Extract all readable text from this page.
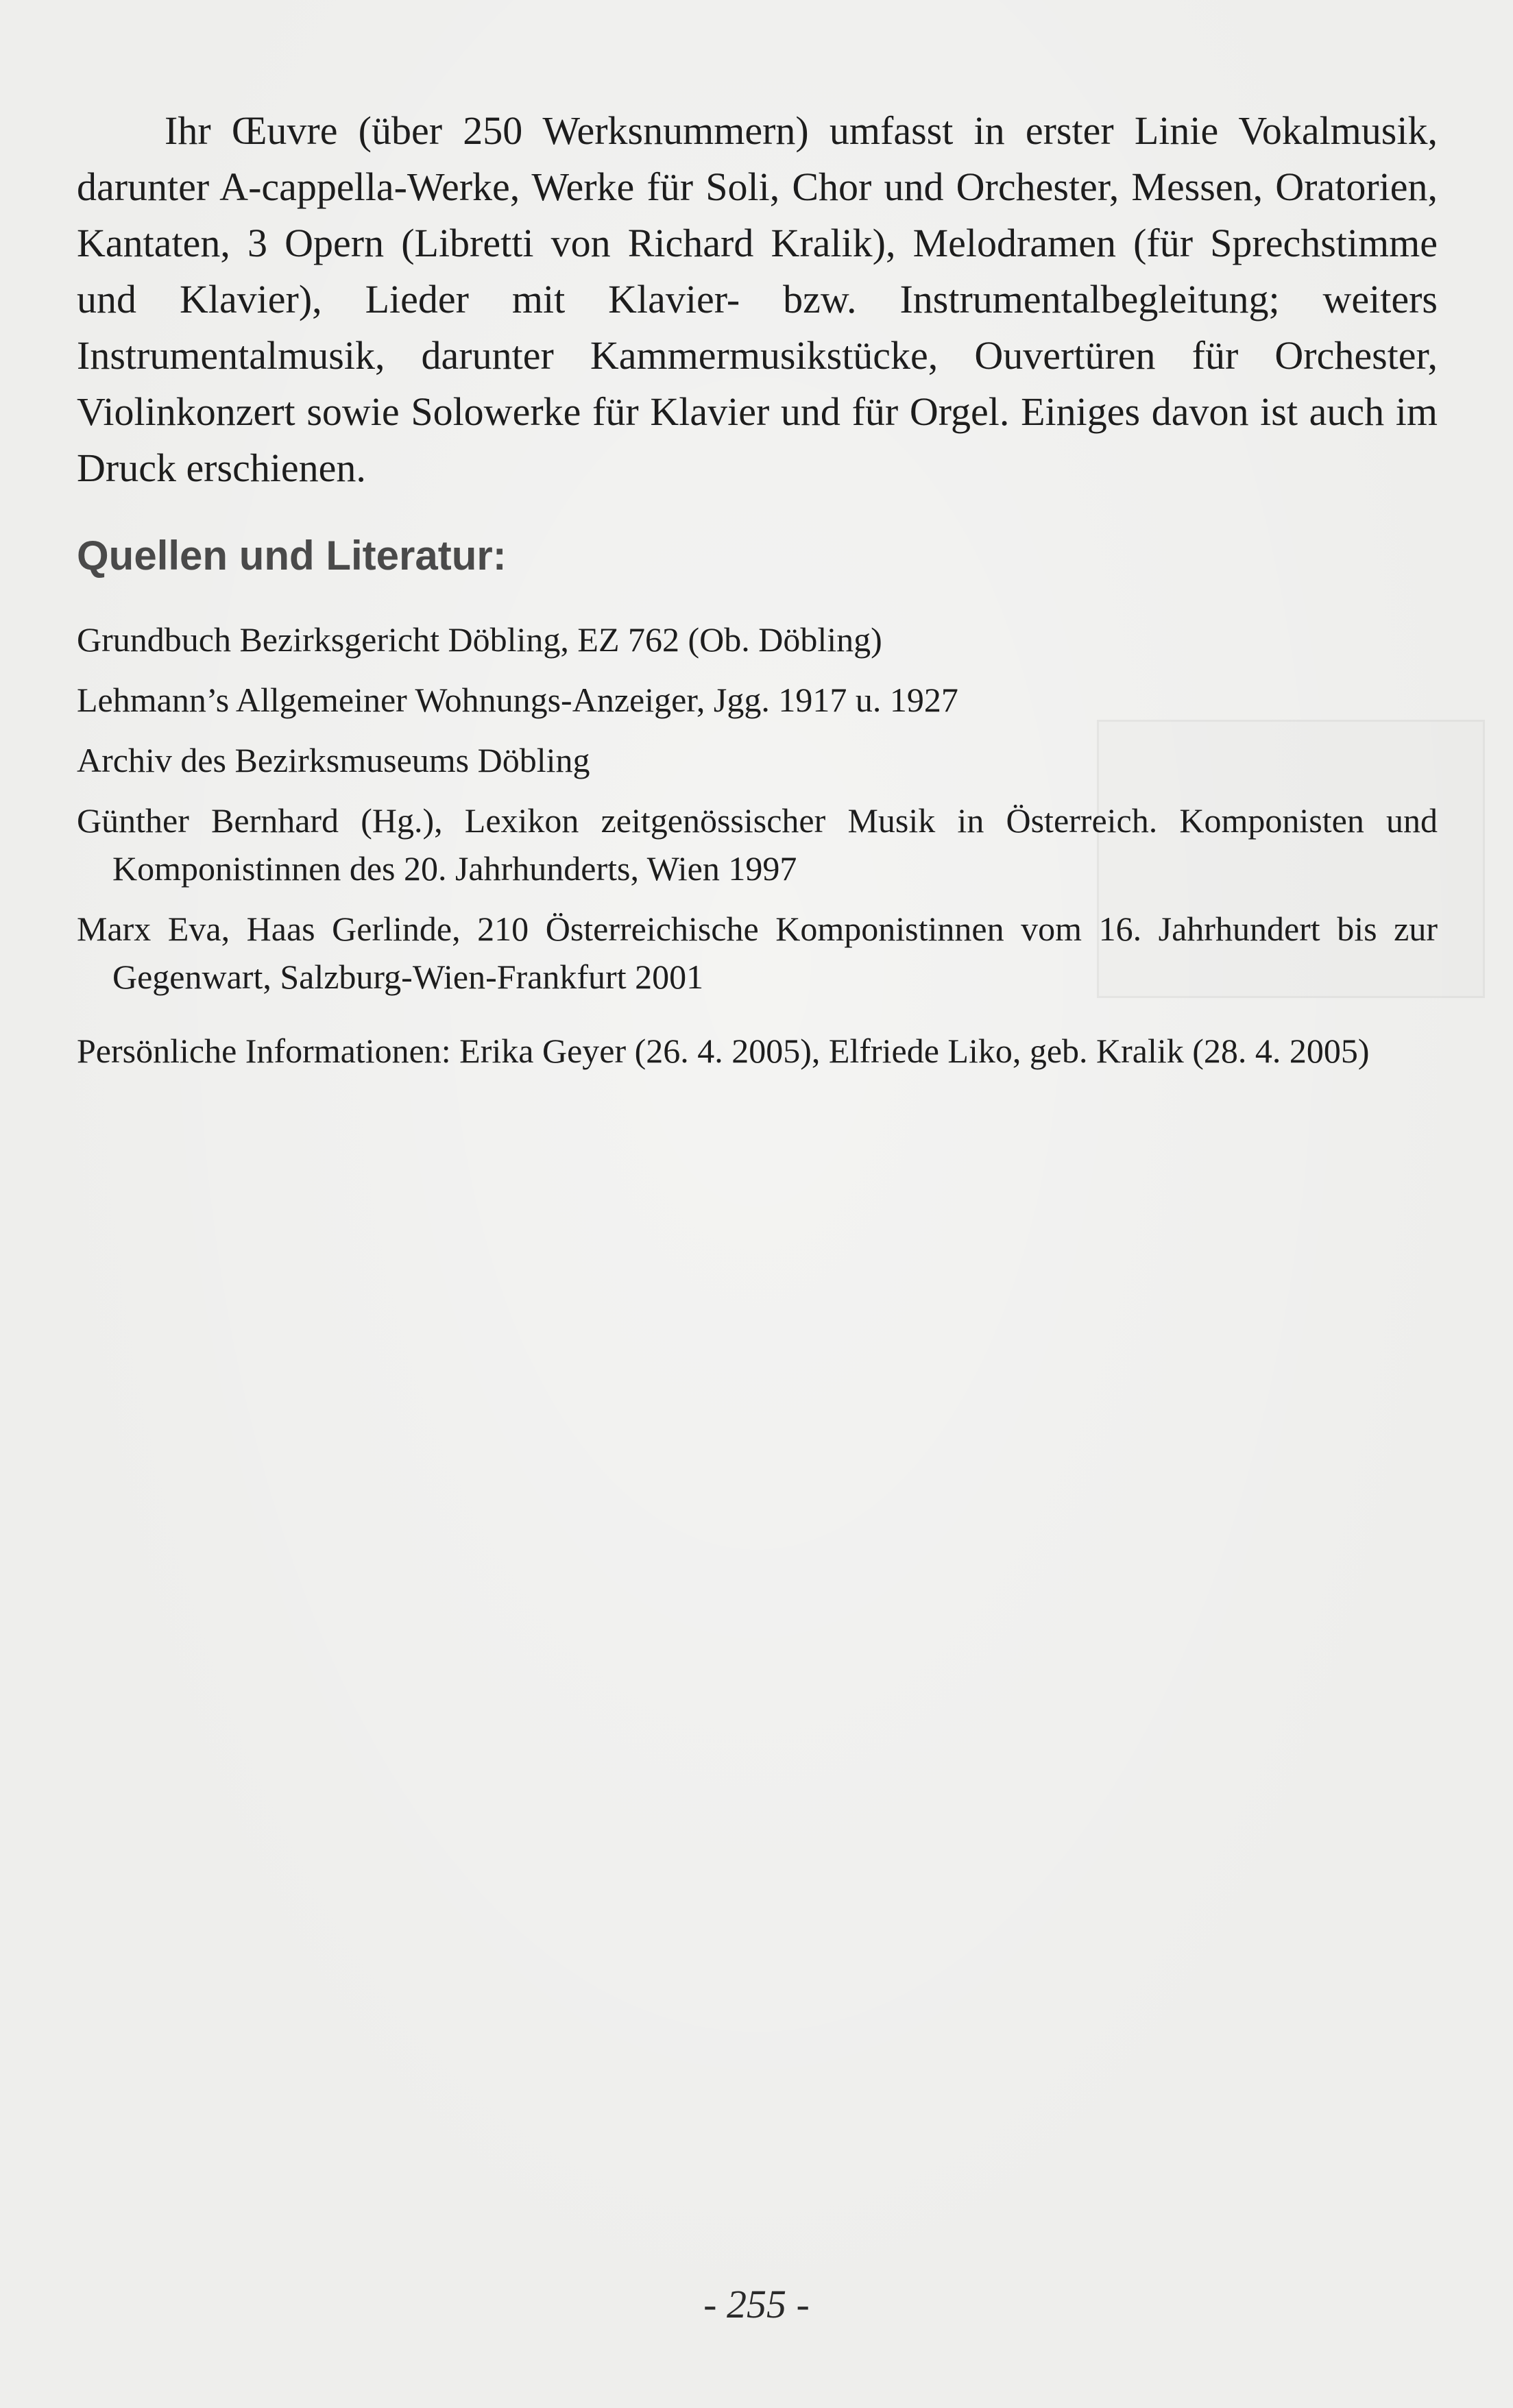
Ihr Œuvre (über 250 Werksnummern) umfasst in erster Linie Vokalmusik, darunter A-cappella-Werke, Werke für Soli, Chor und Orchester, Messen, Oratorien, Kantaten, 3 Opern (Libretti von Richard Kralik), Melodramen (für Sprechstimme und Klavier), Lieder mit Klavier- bzw. Instrumentalbegleitung; weiters Instrumentalmusik, darunter Kammermusikstücke, Ouvertüren für Orchester, Violinkonzert sowie Solowerke für Klavier und für Orgel. Einiges davon ist auch im Druck erschienen.

Quellen und Literatur:
Grundbuch Bezirksgericht Döbling, EZ 762 (Ob. Döbling)
Lehmann’s Allgemeiner Wohnungs-Anzeiger, Jgg. 1917 u. 1927
Archiv des Bezirksmuseums Döbling
Günther Bernhard (Hg.), Lexikon zeitgenössischer Musik in Österreich. Komponisten und Komponistinnen des 20. Jahrhunderts, Wien 1997
Marx Eva, Haas Gerlinde, 210 Österreichische Komponistinnen vom 16. Jahrhundert bis zur Gegenwart, Salzburg-Wien-Frankfurt 2001
Persönliche Informationen: Erika Geyer (26. 4. 2005), Elfriede Liko, geb. Kralik (28. 4. 2005)
- 255 -
